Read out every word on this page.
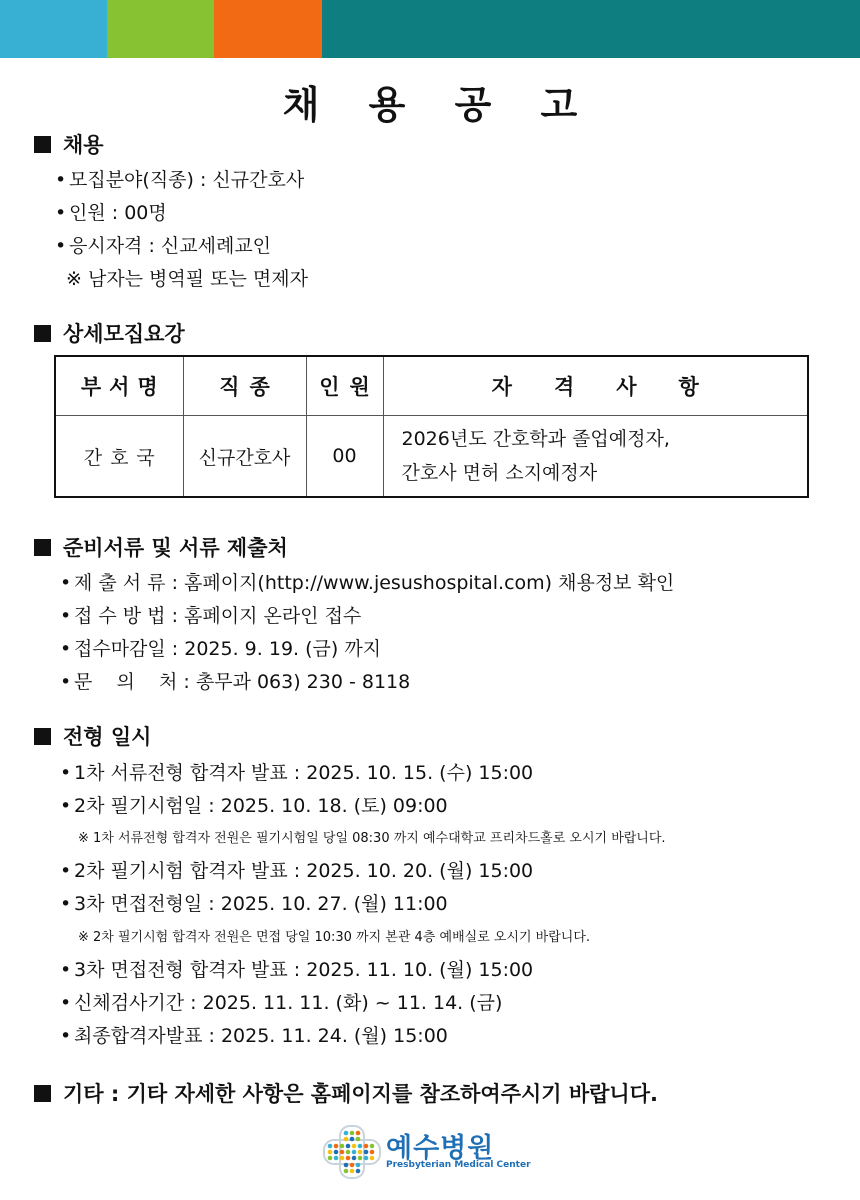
채 용 공 고
채용
• 모집분야(직종) : 신규간호사
• 인원 : 00명
• 응시자격 : 신교세례교인
※ 남자는 병역필 또는 면제자
상세모집요강
부서명	직종	인원	자격사항
간호국	신규간호사	00	2026년도 간호학과 졸업예정자,
간호사 면허 소지예정자
준비서류 및 서류 제출처
• 제 출 서 류 : 홈페이지(http://www.jesushospital.com) 채용정보 확인
• 접 수 방 법 : 홈페이지 온라인 접수
• 접수마감일 : 2025. 9. 19. (금) 까지
• 문    의    처 : 총무과 063) 230 - 8118
전형 일시
• 1차 서류전형 합격자 발표 : 2025. 10. 15. (수) 15:00
• 2차 필기시험일 : 2025. 10. 18. (토) 09:00
※ 1차 서류전형 합격자 전원은 필기시험일 당일 08:30 까지 예수대학교 프리차드홀로 오시기 바랍니다.
• 2차 필기시험 합격자 발표 : 2025. 10. 20. (월) 15:00
• 3차 면접전형일 : 2025. 10. 27. (월) 11:00
※ 2차 필기시험 합격자 전원은 면접 당일 10:30 까지 본관 4층 예배실로 오시기 바랍니다.
• 3차 면접전형 합격자 발표 : 2025. 11. 10. (월) 15:00
• 신체검사기간 : 2025. 11. 11. (화) ~ 11. 14. (금)
• 최종합격자발표 : 2025. 11. 24. (월) 15:00
기타 : 기타 자세한 사항은 홈페이지를 참조하여주시기 바랍니다.
예수병원
Presbyterian Medical Center
